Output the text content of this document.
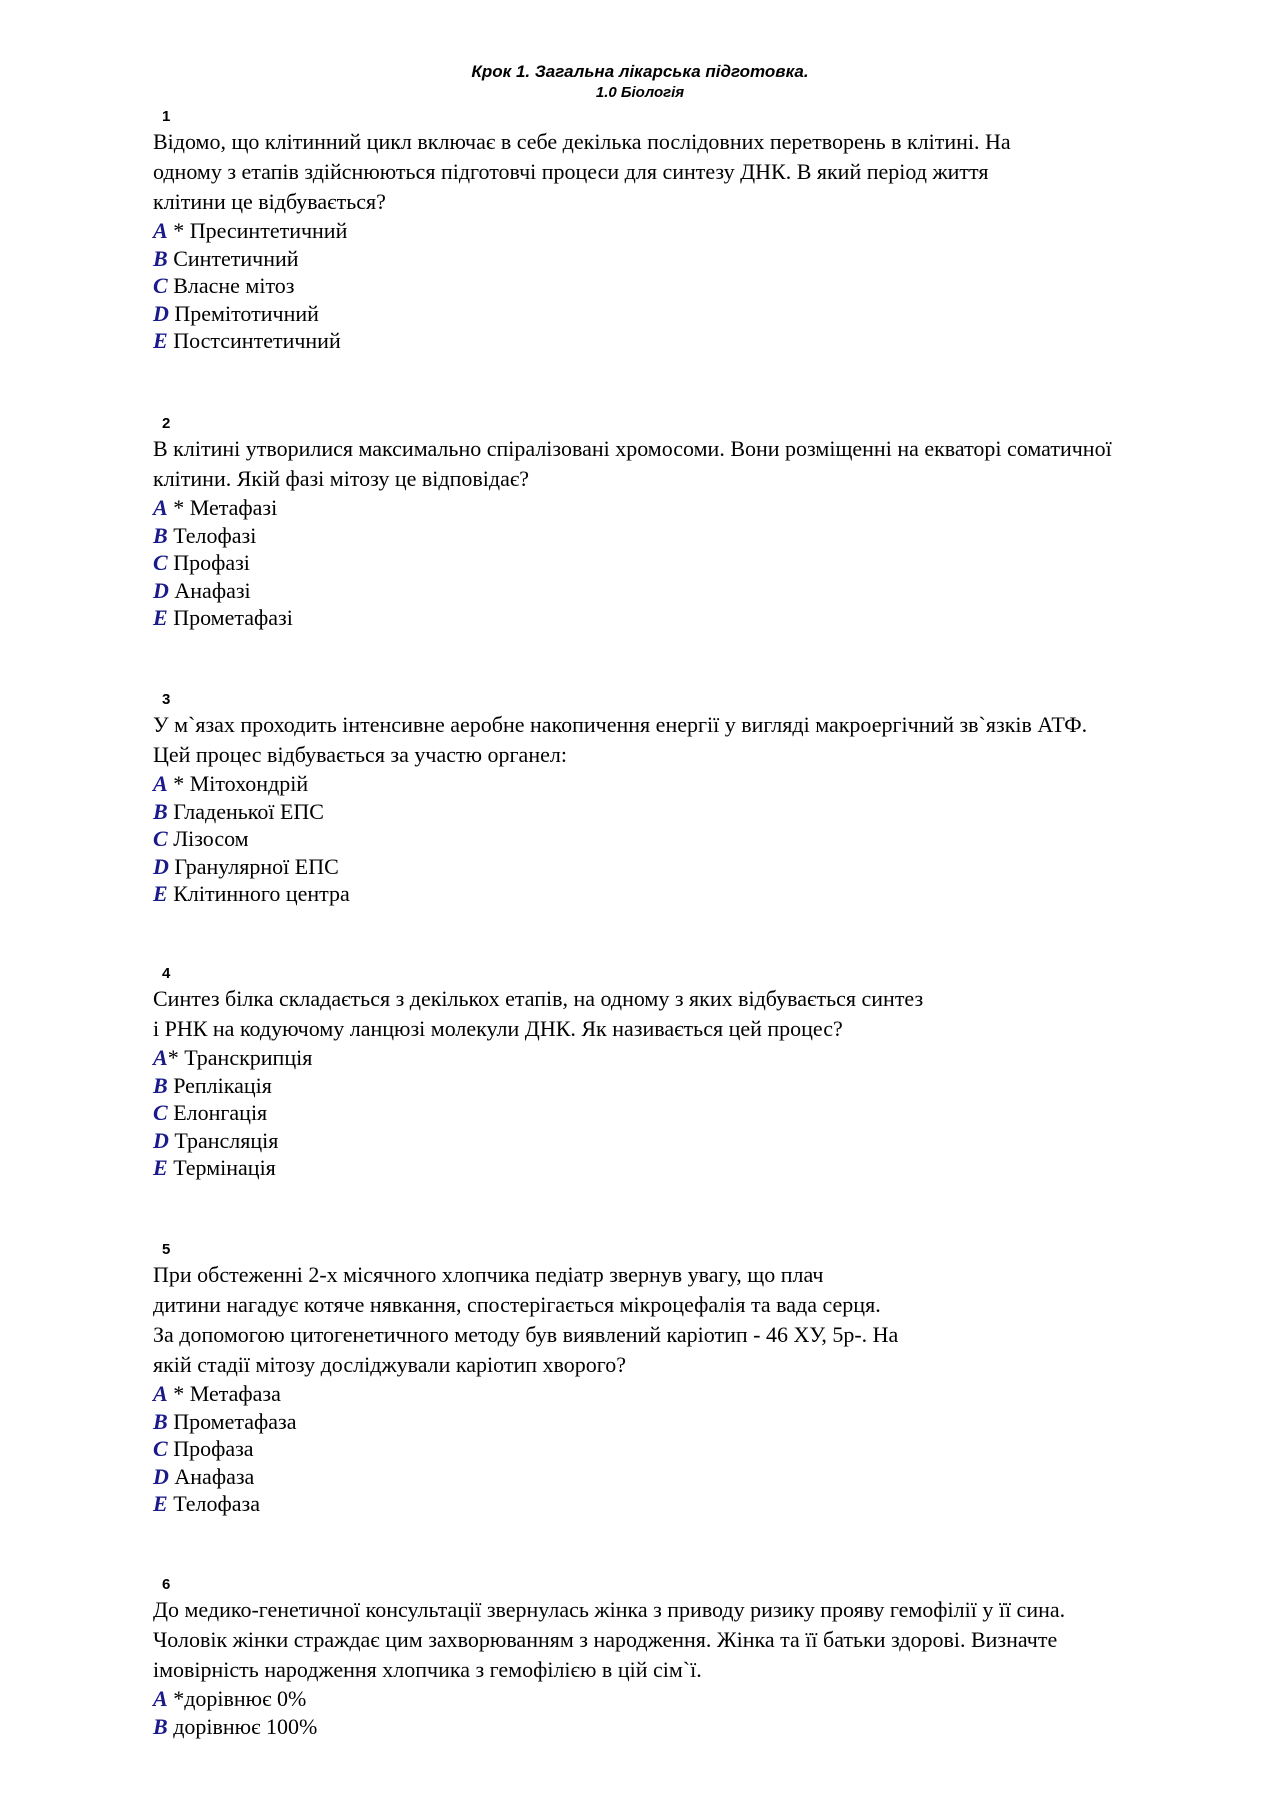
Крок 1. Загальна лікарська підготовка.
1.0 Біологія
1
Відомо, що клітинний цикл включає в себе декілька послідовних перетворень в клітині. На
одному з етапів здійснюються підготовчі процеси для синтезу ДНК. В який період життя
клітини це відбувається?
A * Пресинтетичний
B Синтетичний
C Власне мітоз
D Премітотичний
E Постсинтетичний
2
В клітині утворилися максимально спіралізовані хромосоми. Вони розміщенні на екваторі соматичної
клітини. Якій фазі мітозу це відповідає?
A * Метафазі
B Телофазі
C Профазі
D Анафазі
E Прометафазі
3
У м`язах проходить інтенсивне аеробне накопичення енергії у вигляді макроергічний зв`язків АТФ.
Цей процес відбувається за участю органел:
A * Мітохондрій
B Гладенької ЕПС
C Лізосом
D Гранулярної ЕПС
E Клітинного центра
4
Синтез білка складається з декількох етапів, на одному з яких відбувається синтез
і РНК на кодуючому ланцюзі молекули ДНК. Як називається цей процес?
A* Транскрипція
B Реплікація
C Елонгація
D Трансляція
E Термінація
5
При обстеженні 2-х місячного хлопчика педіатр звернув увагу, що плач
дитини нагадує котяче нявкання, спостерігається мікроцефалія та вада серця.
За допомогою цитогенетичного методу був виявлений каріотип - 46 ХУ, 5р-. На
якій стадії мітозу досліджували каріотип хворого?
A * Метафаза
B Прометафаза
C Профаза
D Анафаза
E Телофаза
6
До медико-генетичної консультації звернулась жінка з приводу ризику прояву гемофілії у її сина.
Чоловік жінки страждає цим захворюванням з народження. Жінка та її батьки здорові. Визначте
імовірність народження хлопчика з гемофілією в цій сім`ї.
A *дорівнює 0%
B дорівнює 100%
